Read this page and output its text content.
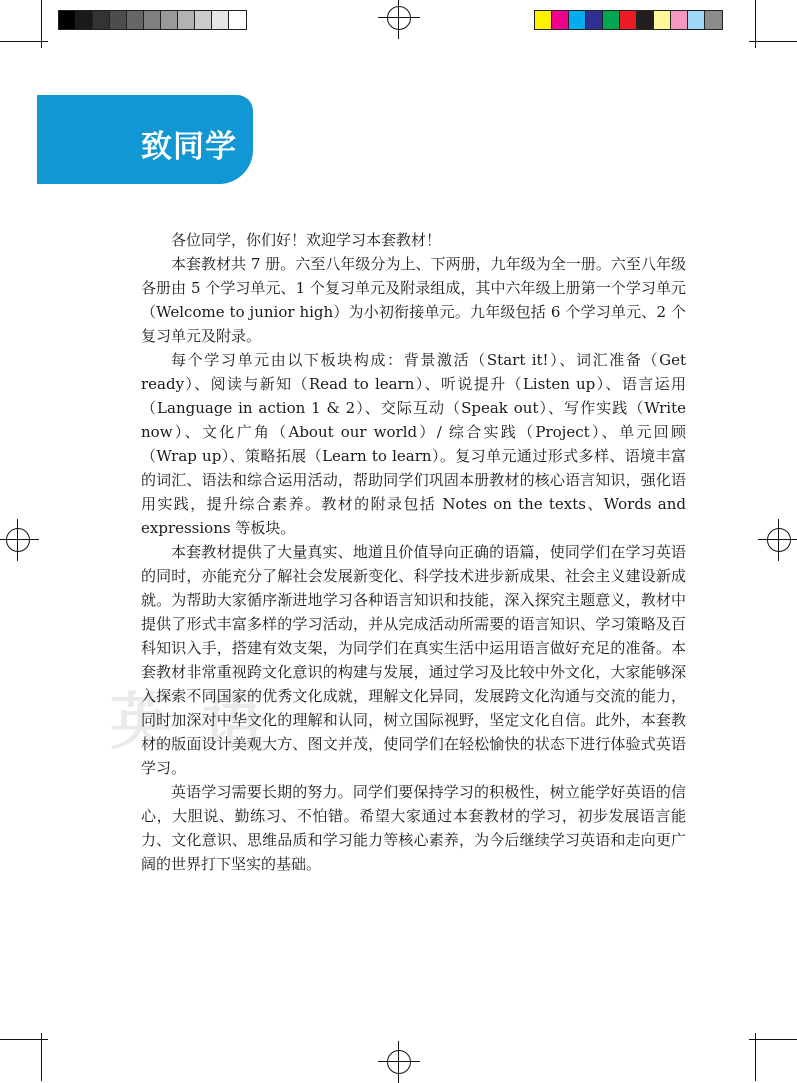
致同学
英语

各位同学，你们好！欢迎学习本套教材！

本套教材共 7 册。六至八年级分为上、下两册，九年级为全一册。六至八年级各册由 5 个学习单元、1 个复习单元及附录组成，其中六年级上册第一个学习单元（Welcome to junior high）为小初衔接单元。九年级包括 6 个学习单元、2 个复习单元及附录。

每个学习单元由以下板块构成：背景激活（Start it!）、词汇准备（Get ready）、阅读与新知（Read to learn）、听说提升（Listen up）、语言运用（Language in action 1 & 2）、交际互动（Speak out）、写作实践（Write now）、文化广角（About our world）/ 综合实践（Project）、单元回顾（Wrap up）、策略拓展（Learn to learn）。复习单元通过形式多样、语境丰富的词汇、语法和综合运用活动，帮助同学们巩固本册教材的核心语言知识，强化语用实践，提升综合素养。教材的附录包括 Notes on the texts、Words and expressions 等板块。

本套教材提供了大量真实、地道且价值导向正确的语篇，使同学们在学习英语的同时，亦能充分了解社会发展新变化、科学技术进步新成果、社会主义建设新成就。为帮助大家循序渐进地学习各种语言知识和技能，深入探究主题意义，教材中提供了形式丰富多样的学习活动，并从完成活动所需要的语言知识、学习策略及百科知识入手，搭建有效支架，为同学们在真实生活中运用语言做好充足的准备。本套教材非常重视跨文化意识的构建与发展，通过学习及比较中外文化，大家能够深入探索不同国家的优秀文化成就，理解文化异同，发展跨文化沟通与交流的能力，同时加深对中华文化的理解和认同，树立国际视野，坚定文化自信。此外，本套教材的版面设计美观大方、图文并茂，使同学们在轻松愉快的状态下进行体验式英语学习。

英语学习需要长期的努力。同学们要保持学习的积极性，树立能学好英语的信心，大胆说、勤练习、不怕错。希望大家通过本套教材的学习，初步发展语言能力、文化意识、思维品质和学习能力等核心素养，为今后继续学习英语和走向更广阔的世界打下坚实的基础。
